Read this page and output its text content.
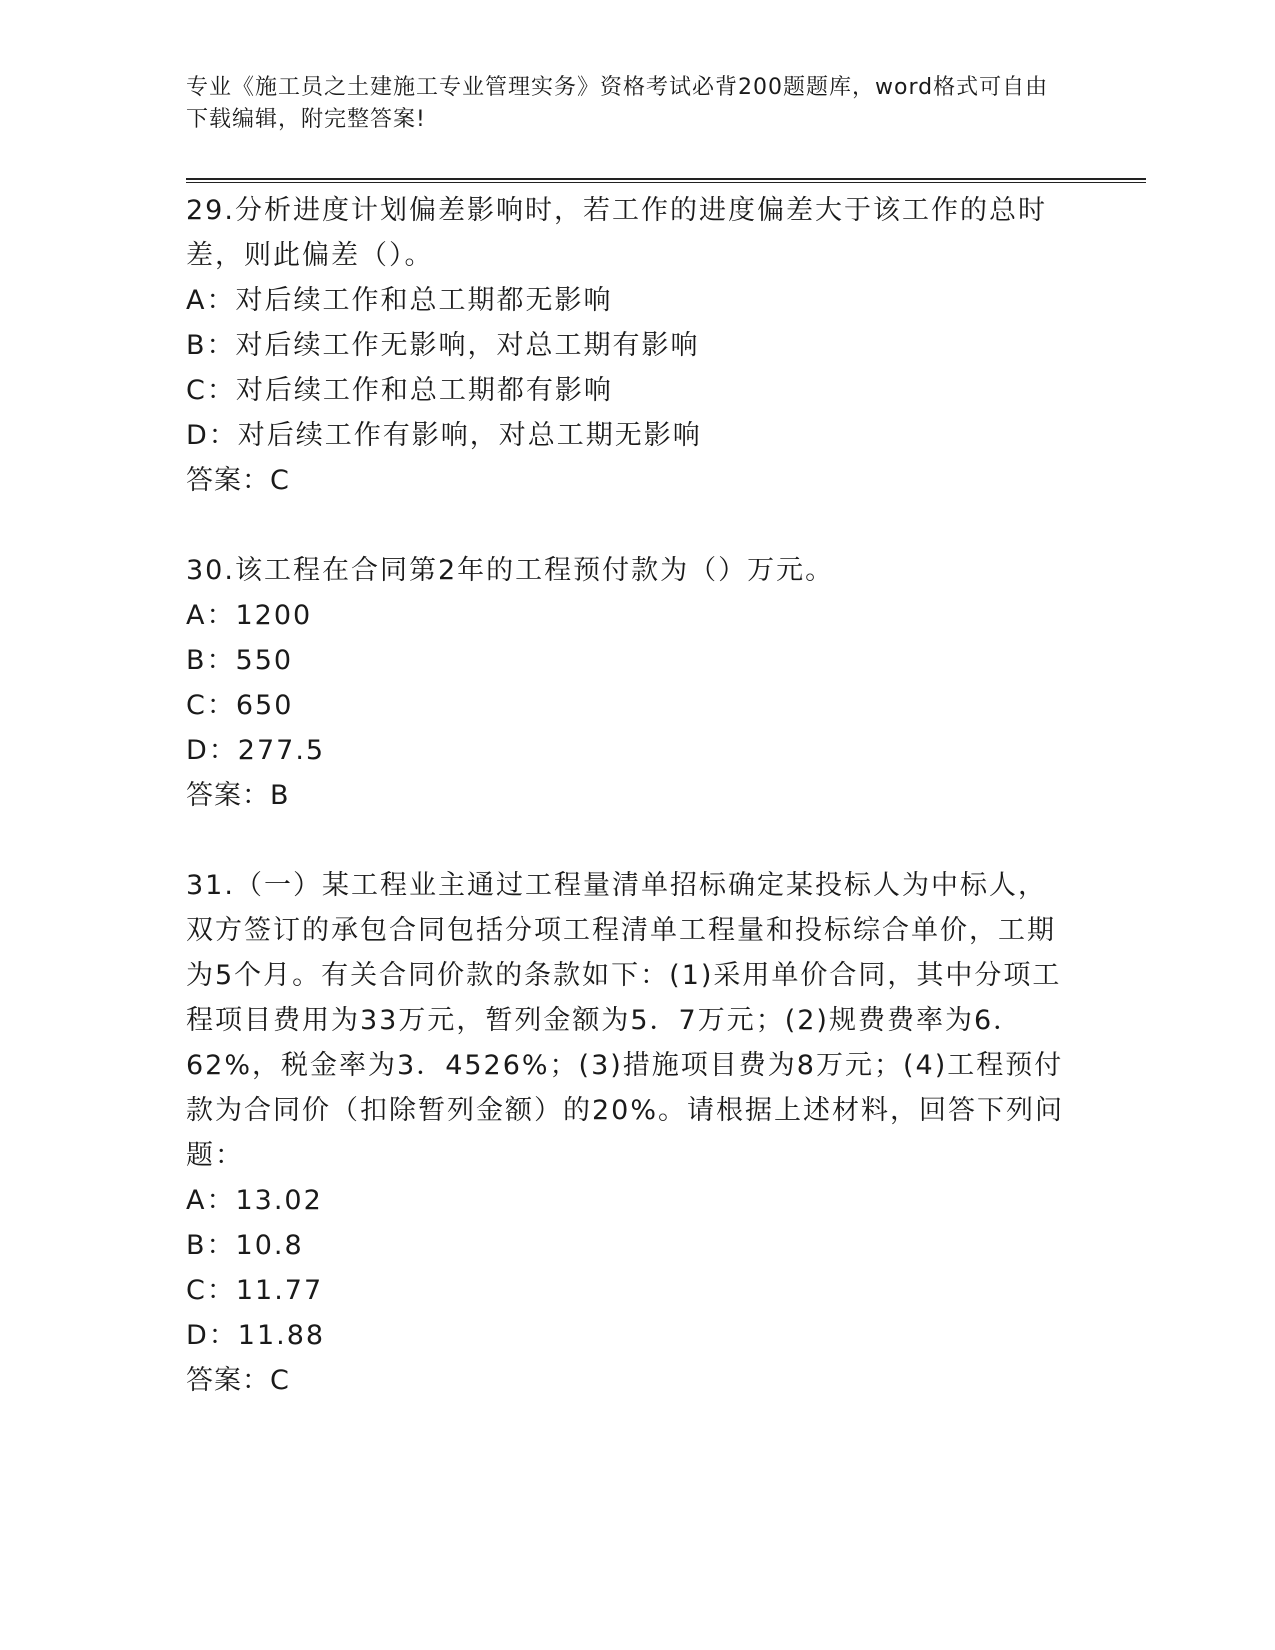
专业《施工员之土建施工专业管理实务》资格考试必背200题题库，word格式可自由下载编辑，附完整答案!

29.分析进度计划偏差影响时，若工作的进度偏差大于该工作的总时差，则此偏差（）。

A：对后续工作和总工期都无影响

B：对后续工作无影响，对总工期有影响

C：对后续工作和总工期都有影响

D：对后续工作有影响，对总工期无影响

答案：C

30.该工程在合同第2年的工程预付款为（）万元。

A：1200

B：550

C：650

D：277.5

答案：B

31.（一）某工程业主通过工程量清单招标确定某投标人为中标人，双方签订的承包合同包括分项工程清单工程量和投标综合单价，工期为5个月。有关合同价款的条款如下：(1)采用单价合同，其中分项工程项目费用为33万元，暂列金额为5．7万元；(2)规费费率为6．62%，税金率为3．4526%；(3)措施项目费为8万元；(4)工程预付款为合同价（扣除暂列金额）的20%。请根据上述材料，回答下列问题：

A：13.02

B：10.8

C：11.77

D：11.88

答案：C
